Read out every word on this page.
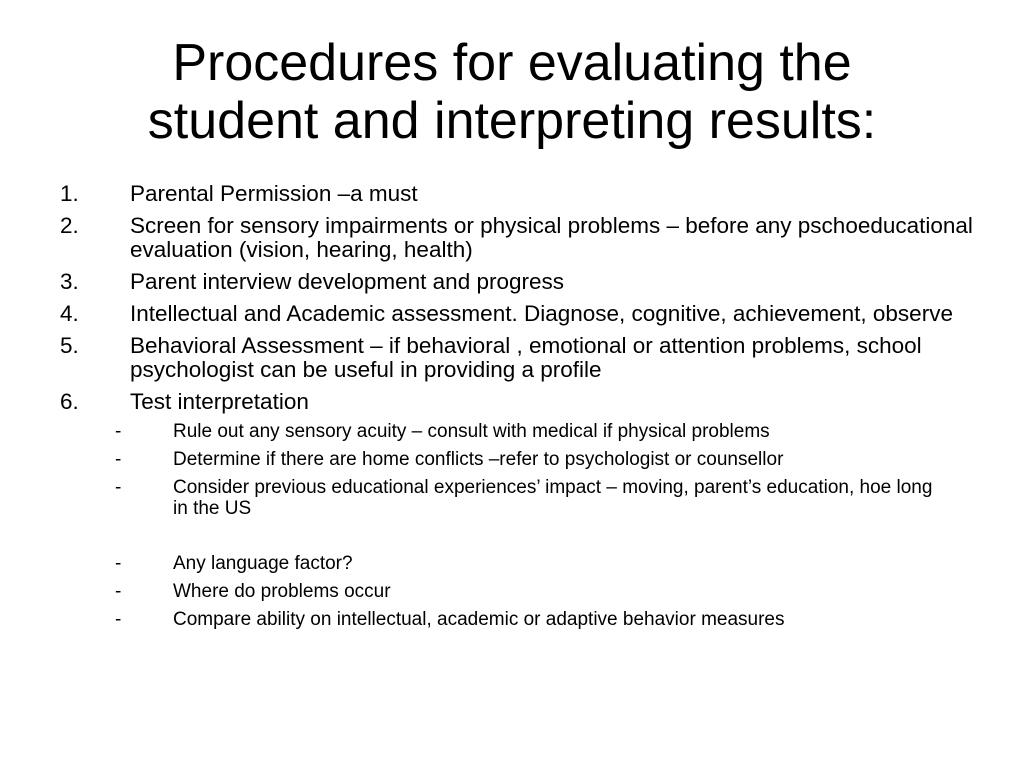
Procedures for evaluating the
student and interpreting results:
1. Parental Permission –a must
2. Screen for sensory impairments or physical problems – before any pschoeducational evaluation (vision, hearing, health)
3. Parent interview development and progress
4. Intellectual and Academic assessment. Diagnose, cognitive, achievement, observe
5. Behavioral Assessment – if behavioral , emotional or attention problems, school psychologist can be useful in providing a profile
6. Test interpretation
-	Rule out any sensory acuity – consult with medical if physical problems
-	Determine if there are home conflicts –refer to psychologist or counsellor
-	Consider previous educational experiences’ impact – moving, parent’s education, hoe long in the US
-	Any language factor?
-	Where do problems occur
-	Compare ability on intellectual, academic or adaptive behavior measures
